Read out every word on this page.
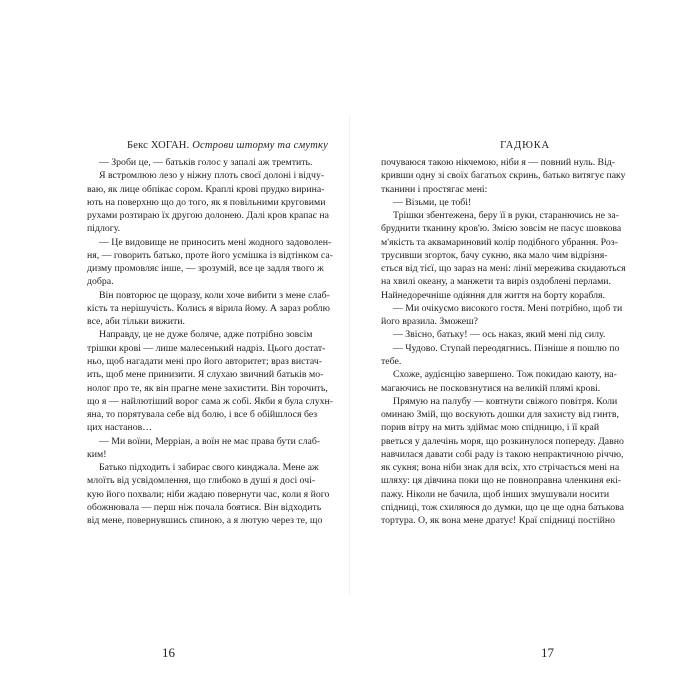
Бекс ХОГАН. Острови шторму та смутку
— Зроби це, — батьків голос у запалі аж тремтить.
Я встромлюю лезо у ніжну плоть своєї долоні і відчу-
ваю, як лице обпікає сором. Краплі крові прудко вирина-
ють на поверхню що до того, як я повільними круговими
рухами розтираю їх другою долонею. Далі кров крапає на
підлогу.
— Це видовище не приносить мені жодного задоволен-
ня, — говорить батько, проте його усмішка із відтінком са-
дизму промовляє інше, — зрозумій, все це задля твого ж
добра.
Він повторює це щоразу, коли хоче вибити з мене слаб-
кість та нерішучість. Колись я вірила йому. А зараз роблю
все, аби тільки вижити.
Направду, це не дуже боляче, адже потрібно зовсім
трішки крові — лише малесенький надріз. Цього достат-
ньо, щоб нагадати мені про його авторитет; враз вистач-
ить, щоб мене принизити. Я слухаю звичний батьків мо-
нолог про те, як він прагне мене захистити. Він торочить,
що я — найлютіший ворог сама ж собі. Якби я була слухн-
яна, то порятувала себе від болю, і все б обійшлося без
цих настанов…
— Ми воїни, Мерріан, а воїн не має права бути слаб-
ким!
Батько підходить і забирає свого кинджала. Мене аж
млоїть від усвідомлення, що глибоко в душі я досі очі-
кую його похвали; ніби жадаю повернути час, коли я його
обожнювала — перш ніж почала боятися. Він відходить
від мене, повернувшись спиною, а я лютую через те, що
16
ГАДЮКА
почуваюся такою нікчемою, ніби я — повний нуль. Від-
кривши одну зі своїх багатьох скринь, батько витягує паку
тканини і простягає мені:
— Візьми, це тобі!
Трішки збентежена, беру її в руки, старанючись не за-
бруднити тканину кров'ю. Змією зовсім не пасує шовкова
м'якість та аквамариновий колір подібного убрання. Роз-
трусивши згорток, бачу сукню, яка мало чим відрізня-
ється від тієї, що зараз на мені: лінії мережива скидаються
на хвилі океану, а манжети та виріз оздоблені перлами.
Найнедоречніше одіяння для життя на борту корабля.
— Ми очікуємо високого гостя. Мені потрібно, щоб ти
його вразила. Зможеш?
— Звісно, батьку! — ось наказ, який мені під силу.
— Чудово. Ступай переодягнись. Пізніше я пошлю по
тебе.
Схоже, аудієнцію завершено. Тож покидаю каюту, на-
магаючись не посковзнутися на великій плямі крові.
Прямую на палубу — ковтнути свіжого повітря. Коли
оминаю Змій, що воскують дошки для захисту від гинтв,
порив вітру на мить здіймає мою спідницю, і її край
рветься у далечінь моря, що розкинулося попереду. Давно
навчилася давати собі раду із такою непрактичною річчю,
як сукня; вона ніби знак для всіх, хто стрічається мені на
шляху: ця дівчина поки що не повноправна членкиня екі-
пажу. Ніколи не бачила, щоб інших змушували носити
спідниці, тож схиляюся до думки, що це ще одна батькова
тортура. О, як вона мене дратує! Краї спідниці постійно
17
